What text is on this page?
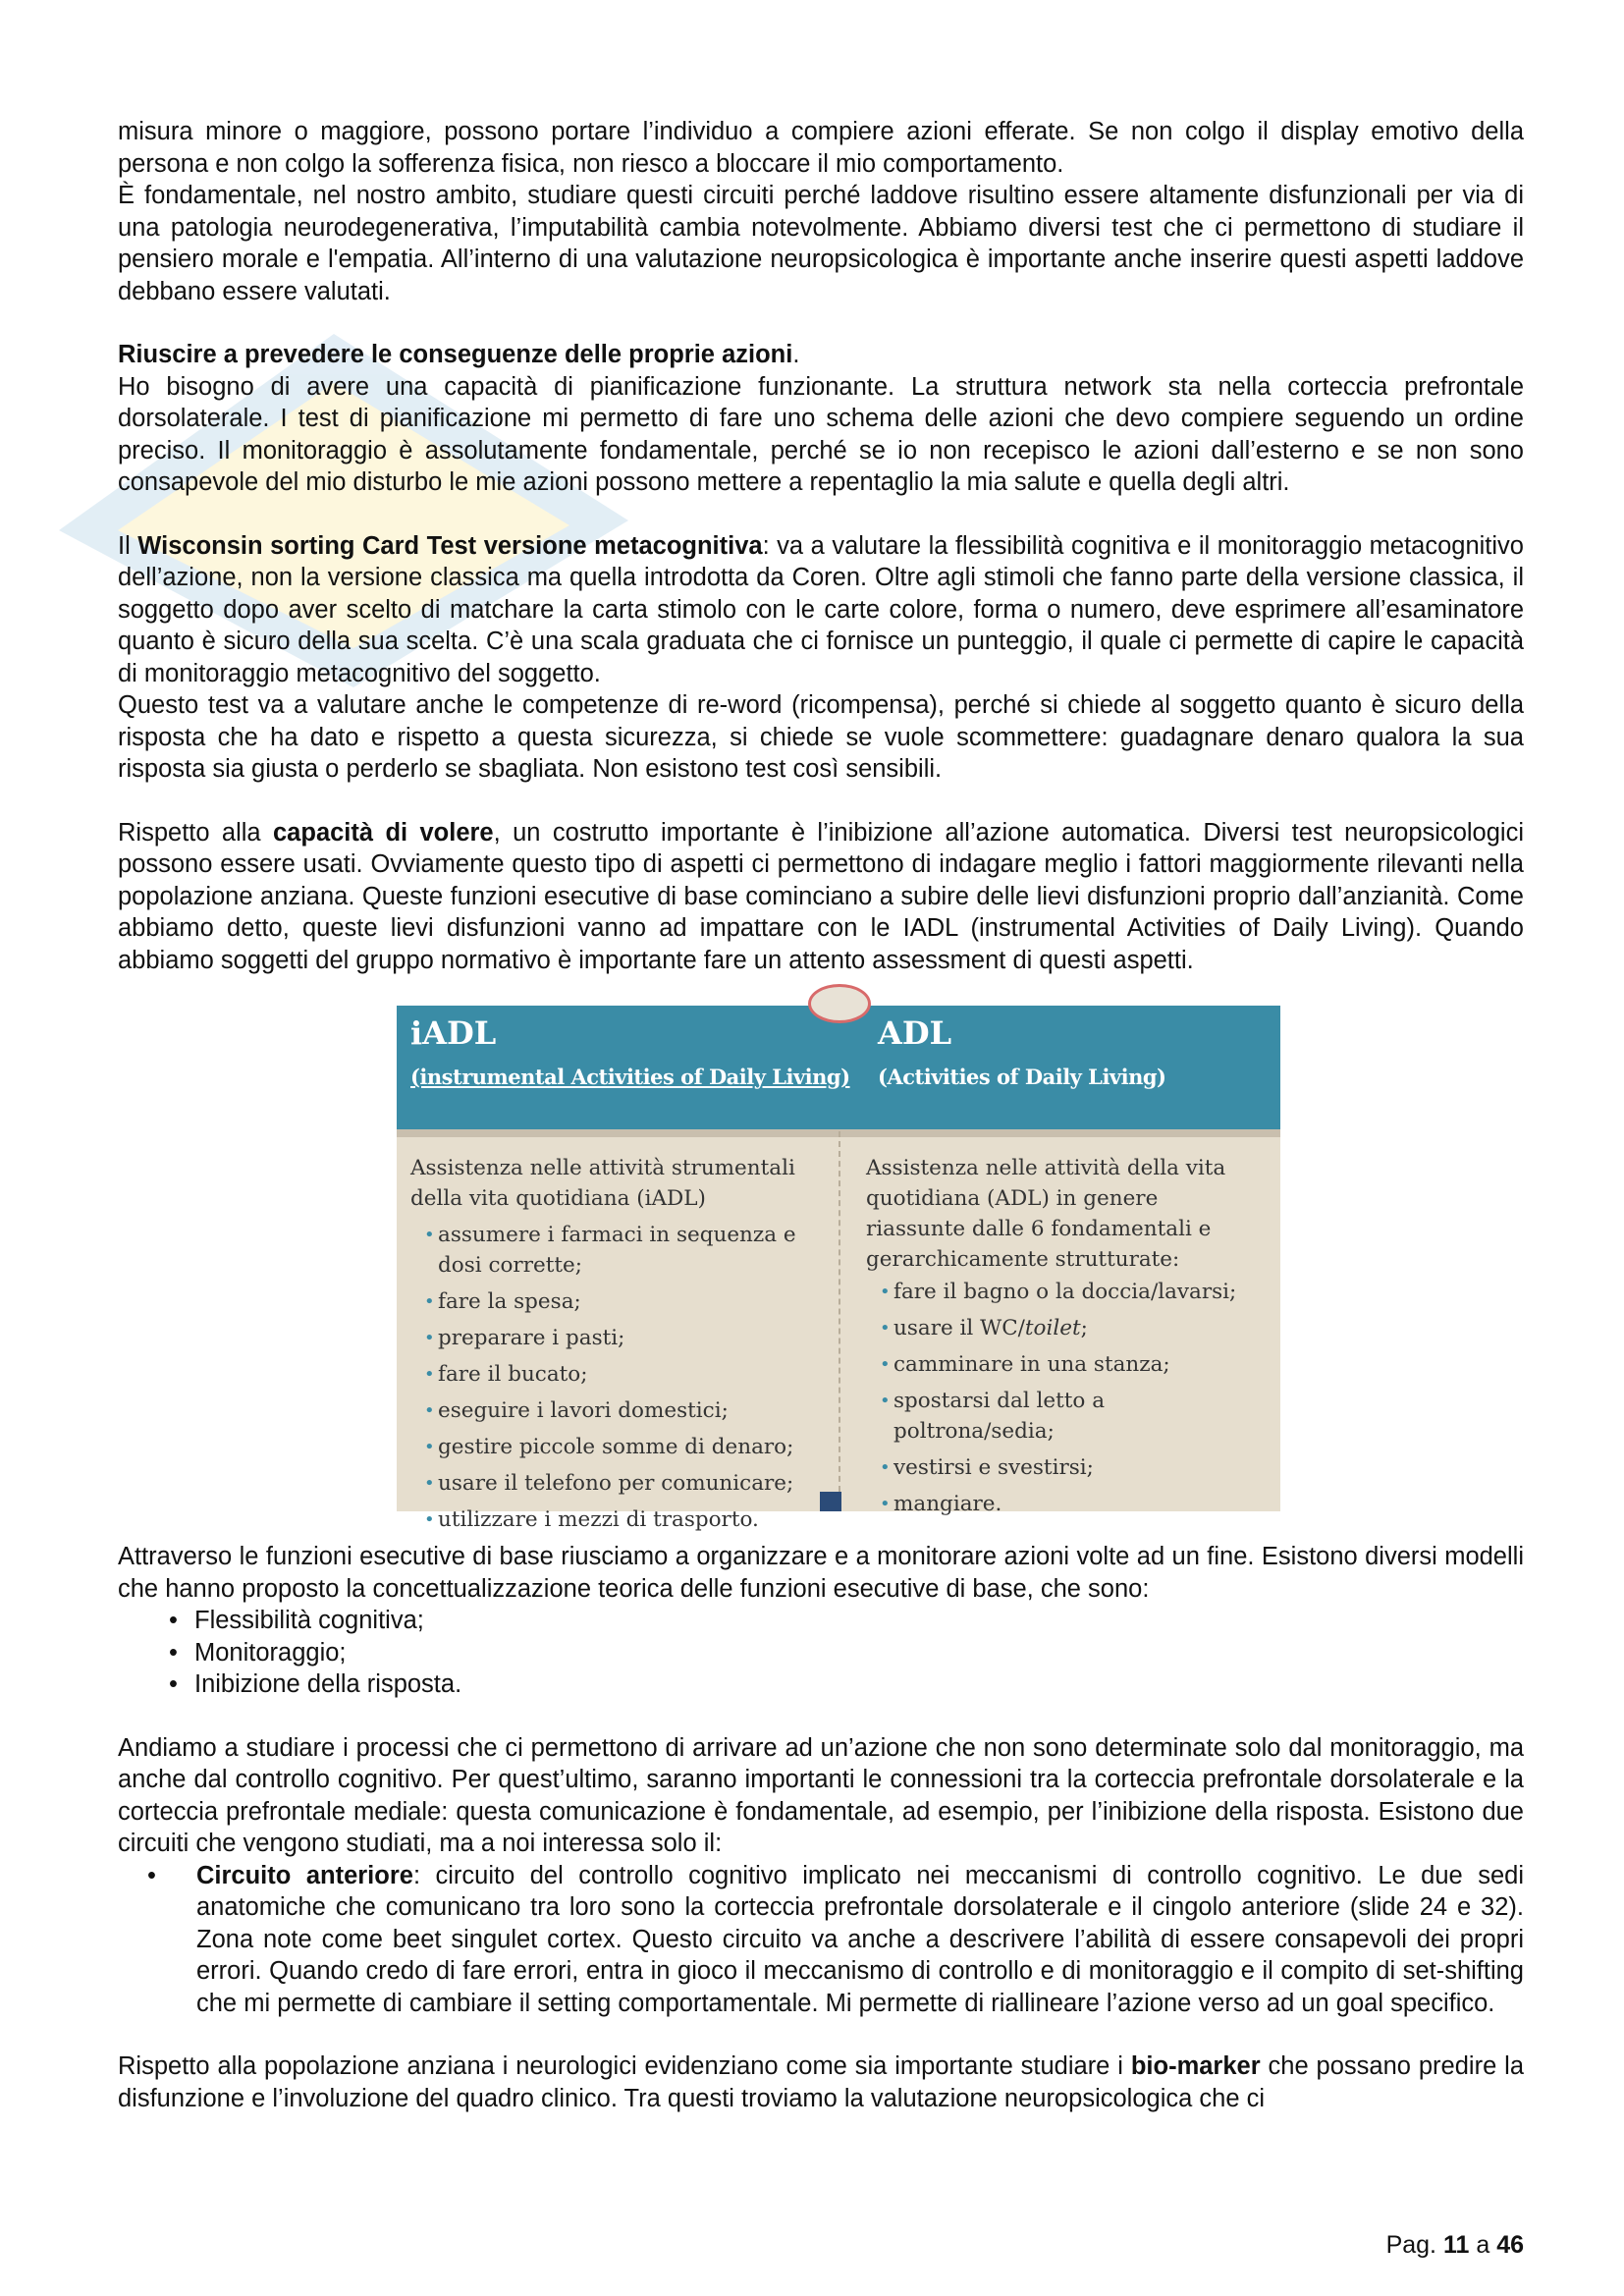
misura minore o maggiore, possono portare l’individuo a compiere azioni efferate. Se non colgo il display emotivo della persona e non colgo la sofferenza fisica, non riesco a bloccare il mio comportamento.

È fondamentale, nel nostro ambito, studiare questi circuiti perché laddove risultino essere altamente disfunzionali per via di una patologia neurodegenerativa, l’imputabilità cambia notevolmente. Abbiamo diversi test che ci permettono di studiare il pensiero morale e l'empatia. All’interno di una valutazione neuropsicologica è importante anche inserire questi aspetti laddove debbano essere valutati.

Riuscire a prevedere le conseguenze delle proprie azioni.

Ho bisogno di avere una capacità di pianificazione funzionante. La struttura network sta nella corteccia prefrontale dorsolaterale. I test di pianificazione mi permetto di fare uno schema delle azioni che devo compiere seguendo un ordine preciso. Il monitoraggio è assolutamente fondamentale, perché se io non recepisco le azioni dall’esterno e se non sono consapevole del mio disturbo le mie azioni possono mettere a repentaglio la mia salute e quella degli altri.

Il Wisconsin sorting Card Test versione metacognitiva: va a valutare la flessibilità cognitiva e il monitoraggio metacognitivo dell’azione, non la versione classica ma quella introdotta da Coren. Oltre agli stimoli che fanno parte della versione classica, il soggetto dopo aver scelto di matchare la carta stimolo con le carte colore, forma o numero, deve esprimere all’esaminatore quanto è sicuro della sua scelta. C’è una scala graduata che ci fornisce un punteggio, il quale ci permette di capire le capacità di monitoraggio metacognitivo del soggetto.

Questo test va a valutare anche le competenze di re-word (ricompensa), perché si chiede al soggetto quanto è sicuro della risposta che ha dato e rispetto a questa sicurezza, si chiede se vuole scommettere: guadagnare denaro qualora la sua risposta sia giusta o perderlo se sbagliata. Non esistono test così sensibili.

Rispetto alla capacità di volere, un costrutto importante è l’inibizione all’azione automatica. Diversi test neuropsicologici possono essere usati. Ovviamente questo tipo di aspetti ci permettono di indagare meglio i fattori maggiormente rilevanti nella popolazione anziana. Queste funzioni esecutive di base cominciano a subire delle lievi disfunzioni proprio dall’anzianità. Come abbiamo detto, queste lievi disfunzioni vanno ad impattare con le IADL (instrumental Activities of Daily Living). Quando abbiamo soggetti del gruppo normativo è importante fare un attento assessment di questi aspetti.

iADL
(instrumental Activities of Daily Living)
ADL
(Activities of Daily Living)
Assistenza nelle attività strumentali
della vita quotidiana (iADL)
• assumere i farmaci in sequenza e
dosi corrette;
• fare la spesa;
• preparare i pasti;
• fare il bucato;
• eseguire i lavori domestici;
• gestire piccole somme di denaro;
• usare il telefono per comunicare;
• utilizzare i mezzi di trasporto.
Assistenza nelle attività della vita
quotidiana (ADL) in genere
riassunte dalle 6 fondamentali e
gerarchicamente strutturate:
• fare il bagno o la doccia/lavarsi;
• usare il WC/toilet;
• camminare in una stanza;
• spostarsi dal letto a
poltrona/sedia;
• vestirsi e svestirsi;
• mangiare.

Attraverso le funzioni esecutive di base riusciamo a organizzare e a monitorare azioni volte ad un fine. Esistono diversi modelli che hanno proposto la concettualizzazione teorica delle funzioni esecutive di base, che sono:

• Flessibilità cognitiva;
• Monitoraggio;
• Inibizione della risposta.

Andiamo a studiare i processi che ci permettono di arrivare ad un’azione che non sono determinate solo dal monitoraggio, ma anche dal controllo cognitivo. Per quest’ultimo, saranno importanti le connessioni tra la corteccia prefrontale dorsolaterale e la corteccia prefrontale mediale: questa comunicazione è fondamentale, ad esempio, per l’inibizione della risposta. Esistono due circuiti che vengono studiati, ma a noi interessa solo il:

• Circuito anteriore: circuito del controllo cognitivo implicato nei meccanismi di controllo cognitivo. Le due sedi anatomiche che comunicano tra loro sono la corteccia prefrontale dorsolaterale e il cingolo anteriore (slide 24 e 32). Zona note come beet singulet cortex. Questo circuito va anche a descrivere l’abilità di essere consapevoli dei propri errori. Quando credo di fare errori, entra in gioco il meccanismo di controllo e di monitoraggio e il compito di set-shifting che mi permette di cambiare il setting comportamentale. Mi permette di riallineare l’azione verso ad un goal specifico.

Rispetto alla popolazione anziana i neurologici evidenziano come sia importante studiare i bio-marker che possano predire la disfunzione e l’involuzione del quadro clinico. Tra questi troviamo la valutazione neuropsicologica che ci

Pag. 11 a 46
